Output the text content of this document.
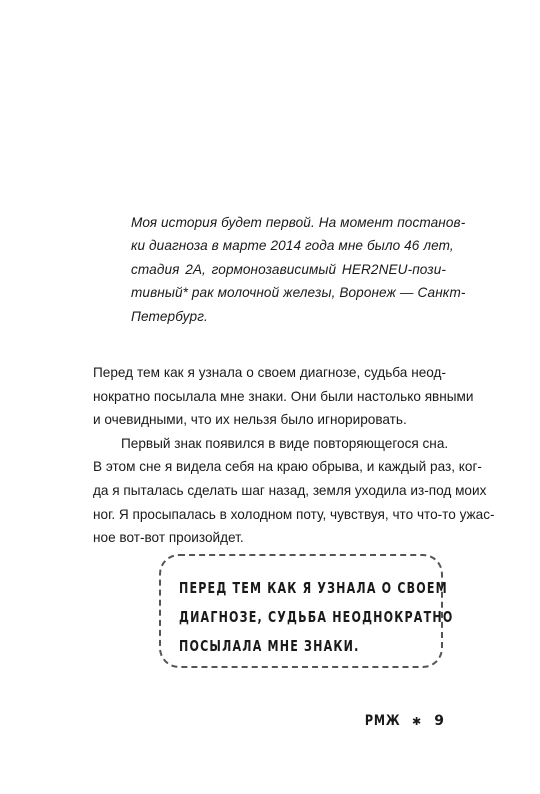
Моя история будет первой. На момент постанов-
ки диагноза в марте 2014 года мне было 46 лет,
стадия 2А, гормонозависимый HER2NEU-пози-
тивный* рак молочной железы, Воронеж — Санкт-
Петербург.
Перед тем как я узнала о своем диагнозе, судьба неод-
нократно посылала мне знаки. Они были настолько явными
и очевидными, что их нельзя было игнорировать.
Первый знак появился в виде повторяющегося сна.
В этом сне я видела себя на краю обрыва, и каждый раз, ког-
да я пыталась сделать шаг назад, земля уходила из-под моих
ног. Я просыпалась в холодном поту, чувствуя, что что-то ужас-
ное вот-вот произойдет.
ПЕРЕД ТЕМ КАК Я УЗНАЛА О СВОЕМ
ДИАГНОЗЕ, СУДЬБА НЕОДНОКРАТНО
ПОСЫЛАЛА МНЕ ЗНАКИ.
РМЖ ✱ 9
